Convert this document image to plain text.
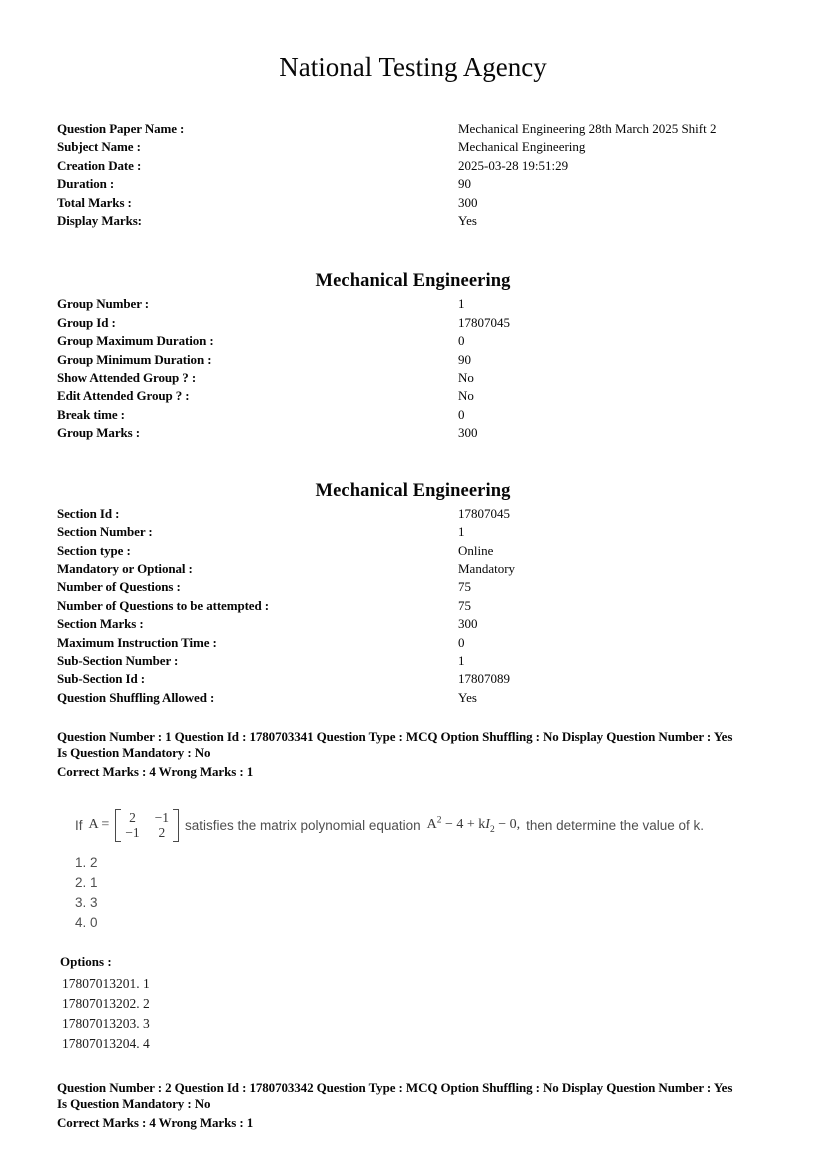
National Testing Agency
Question Paper Name :	Mechanical Engineering 28th March 2025 Shift 2
Subject Name :	Mechanical Engineering
Creation Date :	2025-03-28 19:51:29
Duration :	90
Total Marks :	300
Display Marks:	Yes
Mechanical Engineering
Group Number :	1
Group Id :	17807045
Group Maximum Duration :	0
Group Minimum Duration :	90
Show Attended Group ? :	No
Edit Attended Group ? :	No
Break time :	0
Group Marks :	300
Mechanical Engineering
Section Id :	17807045
Section Number :	1
Section type :	Online
Mandatory or Optional :	Mandatory
Number of Questions :	75
Number of Questions to be attempted :	75
Section Marks :	300
Maximum Instruction Time :	0
Sub-Section Number :	1
Sub-Section Id :	17807089
Question Shuffling Allowed :	Yes

Question Number : 1 Question Id : 1780703341 Question Type : MCQ Option Shuffling : No Display Question Number : Yes
Is Question Mandatory : No

Correct Marks : 4 Wrong Marks : 1

If A = 2 −1
−1 2 satisfies the matrix polynomial equation $A^2 - 4 + kI_2 - 0$, then determine the value of k.
1. 2
2. 1
3. 3
4. 0

Options :

17807013201. 1
17807013202. 2
17807013203. 3
17807013204. 4

Question Number : 2 Question Id : 1780703342 Question Type : MCQ Option Shuffling : No Display Question Number : Yes
Is Question Mandatory : No

Correct Marks : 4 Wrong Marks : 1
